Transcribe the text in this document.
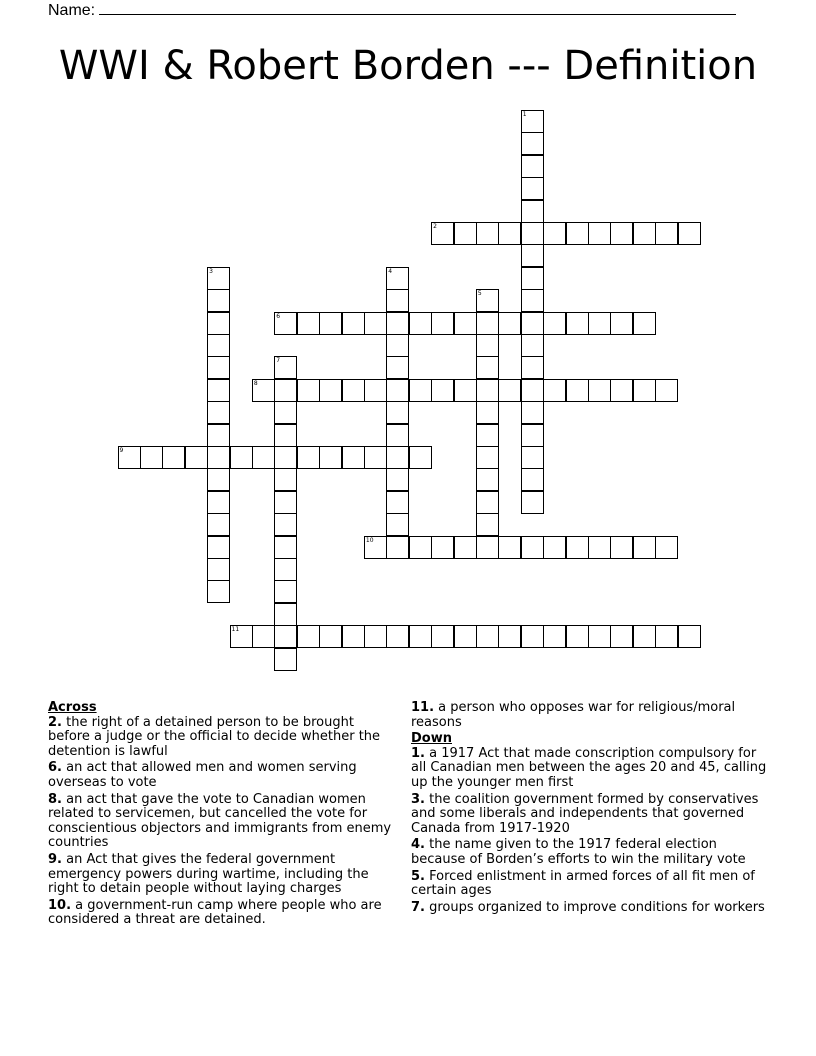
Name:
WWI & Robert Borden --- Definition
1
2
3	4
5
6
7
8
9
10
11

Across

2. the right of a detained person to be brought before a judge or the official to decide whether the detention is lawful

6. an act that allowed men and women serving overseas to vote

8. an act that gave the vote to Canadian women related to servicemen, but cancelled the vote for conscientious objectors and immigrants from enemy countries

9. an Act that gives the federal government emergency powers during wartime, including the right to detain people without laying charges

10. a government-run camp where people who are considered a threat are detained.

11. a person who opposes war for religious/moral reasons

Down

1. a 1917 Act that made conscription compulsory for all Canadian men between the ages 20 and 45, calling up the younger men first

3. the coalition government formed by conservatives and some liberals and independents that governed Canada from 1917-1920

4. the name given to the 1917 federal election because of Borden’s efforts to win the military vote

5. Forced enlistment in armed forces of all fit men of certain ages

7. groups organized to improve conditions for workers
